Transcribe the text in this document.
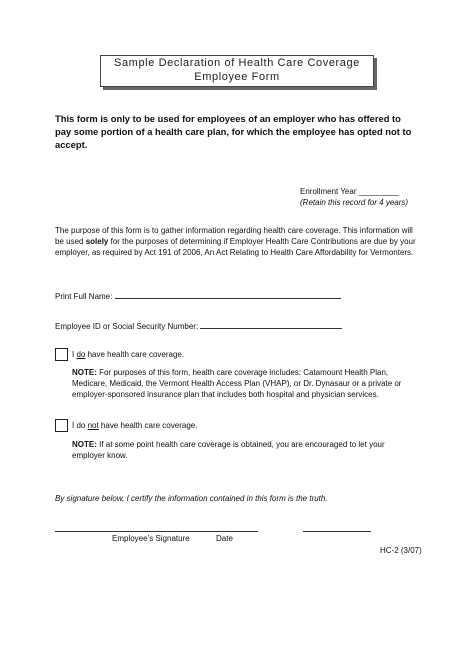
Sample Declaration of Health Care Coverage
Employee Form
This form is only to be used for employees of an employer who has offered to pay some portion of a health care plan, for which the employee has opted not to accept.
Enrollment Year _________
(Retain this record for 4 years)
The purpose of this form is to gather information regarding health care coverage. This information will be used solely for the purposes of determining if Employer Health Care Contributions are due by your employer, as required by Act 191 of 2006, An Act Relating to Health Care Affordability for Vermonters.
Print Full Name:
Employee ID or Social Security Number:
I do have health care coverage.
NOTE: For purposes of this form, health care coverage includes: Catamount Health Plan, Medicare, Medicaid, the Vermont Health Access Plan (VHAP), or Dr. Dynasaur or a private or employer-sponsored insurance plan that includes both hospital and physician services.
I do not have health care coverage.
NOTE: If at some point health care coverage is obtained, you are encouraged to let your employer know.
By signature below, I certify the information contained in this form is the truth.
Employee’s Signature	Date
HC-2 (3/07)
